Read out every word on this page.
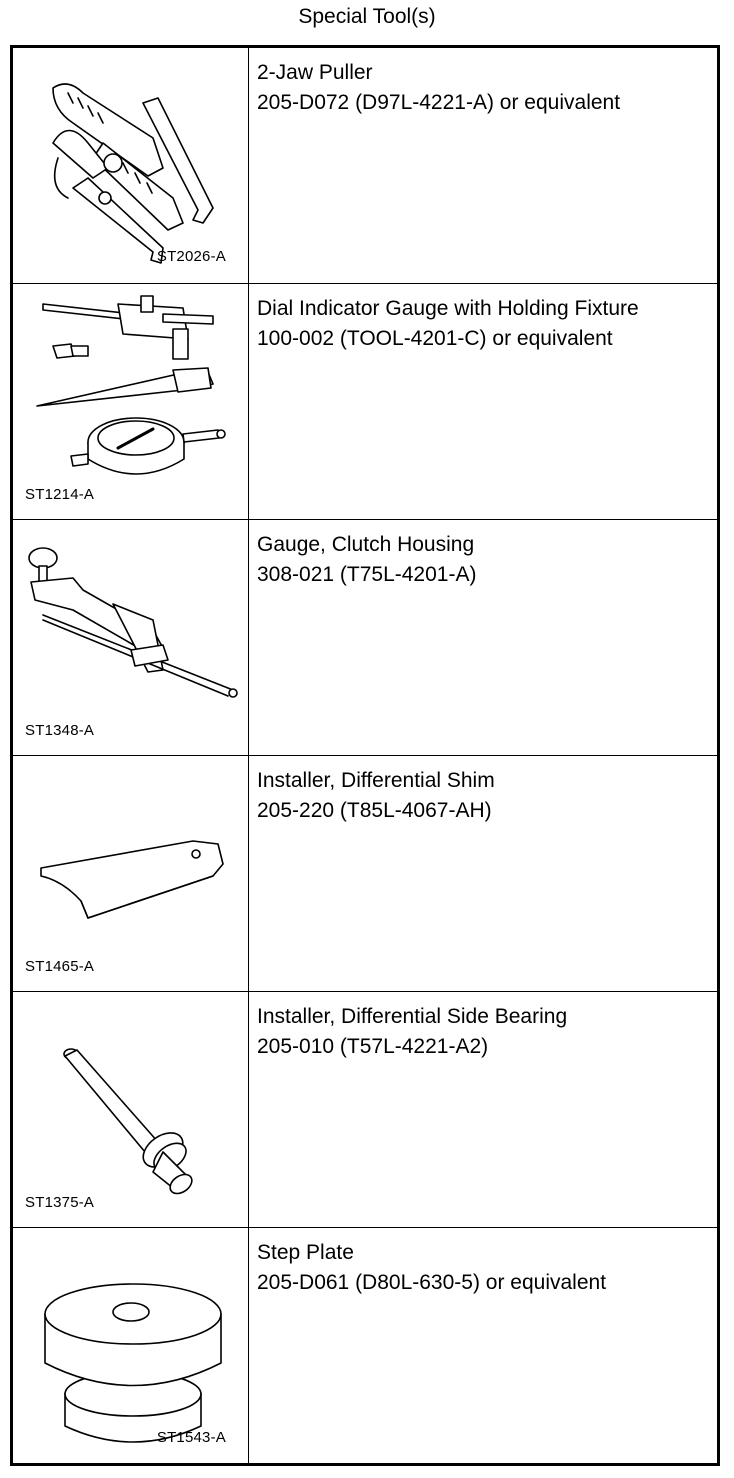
Special Tool(s)
ST2026-A
2-Jaw Puller
205-D072 (D97L-4221-A) or equivalent
ST1214-A
Dial Indicator Gauge with Holding Fixture
100-002 (TOOL-4201-C) or equivalent
ST1348-A
Gauge, Clutch Housing
308-021 (T75L-4201-A)
ST1465-A
Installer, Differential Shim
205-220 (T85L-4067-AH)
ST1375-A
Installer, Differential Side Bearing
205-010 (T57L-4221-A2)
ST1543-A
Step Plate
205-D061 (D80L-630-5) or equivalent
